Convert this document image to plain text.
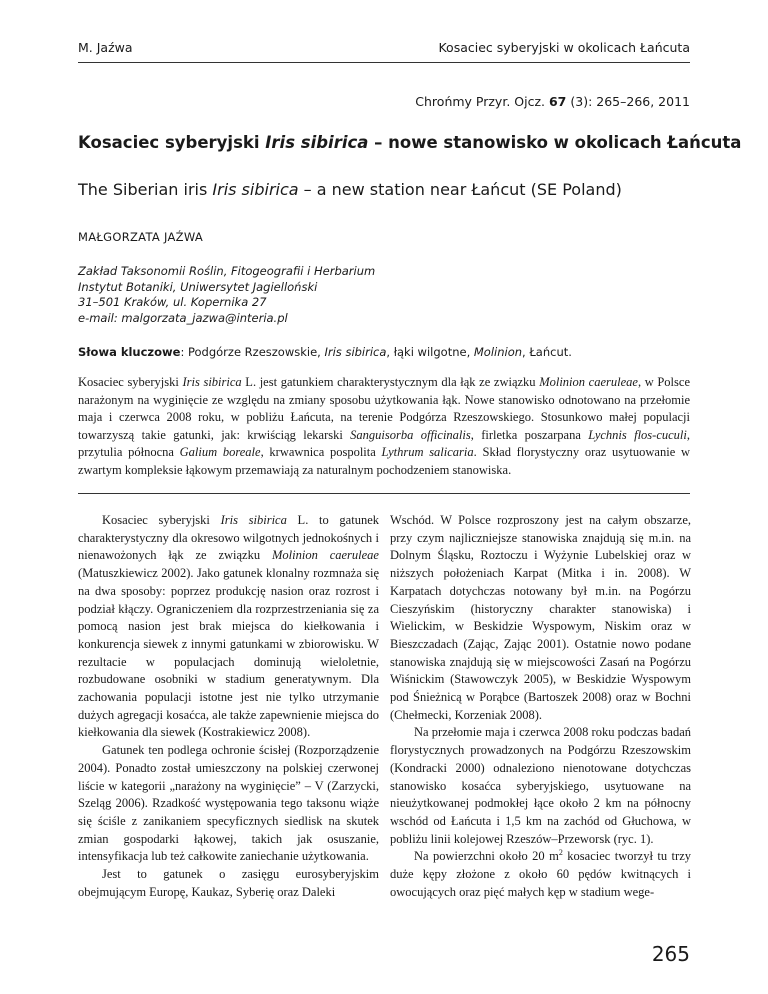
M. Jaźwa	Kosaciec syberyjski w okolicach Łańcuta
Chrońmy Przyr. Ojcz. 67 (3): 265–266, 2011
Kosaciec syberyjski Iris sibirica – nowe stanowisko w okolicach Łańcuta
The Siberian iris Iris sibirica – a new station near Łańcut (SE Poland)
MAŁGORZATA JAŹWA
Zakład Taksonomii Roślin, Fitogeografii i Herbarium
Instytut Botaniki, Uniwersytet Jagielloński
31–501 Kraków, ul. Kopernika 27
e-mail: malgorzata_jazwa@interia.pl
Słowa kluczowe: Podgórze Rzeszowskie, Iris sibirica, łąki wilgotne, Molinion, Łańcut.
Kosaciec syberyjski Iris sibirica L. jest gatunkiem charakterystycznym dla łąk ze związku Molinion caeruleae, w Polsce narażonym na wyginięcie ze względu na zmiany sposobu użytkowania łąk. Nowe stanowisko odnotowano na przełomie maja i czerwca 2008 roku, w pobliżu Łańcuta, na terenie Podgórza Rzeszowskiego. Stosunkowo małej populacji towarzyszą takie gatunki, jak: krwiściąg lekarski Sanguisorba officinalis, firletka poszarpana Lychnis flos-cuculi, przytulia północna Galium boreale, krwawnica pospolita Lythrum salicaria. Skład florystyczny oraz usytuowanie w zwartym kompleksie łąkowym przemawiają za naturalnym pochodzeniem stanowiska.

Kosaciec syberyjski Iris sibirica L. to gatunek charakterystyczny dla okresowo wilgotnych jednokośnych i nienawożonych łąk ze związku Molinion caeruleae (Matuszkiewicz 2002). Jako gatunek klonalny rozmnaża się na dwa sposoby: poprzez produkcję nasion oraz rozrost i podział kłączy. Ograniczeniem dla rozprzestrzeniania się za pomocą nasion jest brak miejsca do kiełkowania i konkurencja siewek z innymi gatunkami w zbiorowisku. W rezultacie w populacjach dominują wieloletnie, rozbudowane osobniki w stadium generatywnym. Dla zachowania populacji istotne jest nie tylko utrzymanie dużych agregacji kosaćca, ale także zapewnienie miejsca do kiełkowania dla siewek (Kostrakiewicz 2008).

Gatunek ten podlega ochronie ścisłej (Rozporządzenie 2004). Ponadto został umieszczony na polskiej czerwonej liście w kategorii „narażony na wyginięcie” – V (Zarzycki, Szeląg 2006). Rzadkość występowania tego taksonu wiąże się ściśle z zanikaniem specyficznych siedlisk na skutek zmian gospodarki łąkowej, takich jak osuszanie, intensyfikacja lub też całkowite zaniechanie użytkowania.

Jest to gatunek o zasięgu eurosyberyjskim obejmującym Europę, Kaukaz, Syberię oraz Daleki

Wschód. W Polsce rozproszony jest na całym obszarze, przy czym najliczniejsze stanowiska znajdują się m.in. na Dolnym Śląsku, Roztoczu i Wyżynie Lubelskiej oraz w niższych położeniach Karpat (Mitka i in. 2008). W Karpatach dotychczas notowany był m.in. na Pogórzu Cieszyńskim (historyczny charakter stanowiska) i Wielickim, w Beskidzie Wyspowym, Niskim oraz w Bieszczadach (Zając, Zając 2001). Ostatnie nowo podane stanowiska znajdują się w miejscowości Zasań na Pogórzu Wiśnickim (Stawowczyk 2005), w Beskidzie Wyspowym pod Śnieżnicą w Porąbce (Bartoszek 2008) oraz w Bochni (Chełmecki, Korzeniak 2008).

Na przełomie maja i czerwca 2008 roku podczas badań florystycznych prowadzonych na Podgórzu Rzeszowskim (Kondracki 2000) odnaleziono nienotowane dotychczas stanowisko kosaćca syberyjskiego, usytuowane na nieużytkowanej podmokłej łące około 2 km na północny wschód od Łańcuta i 1,5 km na zachód od Głuchowa, w pobliżu linii kolejowej Rzeszów–Przeworsk (ryc. 1).

Na powierzchni około 20 $m^2$ kosaciec tworzył tu trzy duże kępy złożone z około 60 pędów kwitnących i owocujących oraz pięć małych kęp w stadium wege-

265
